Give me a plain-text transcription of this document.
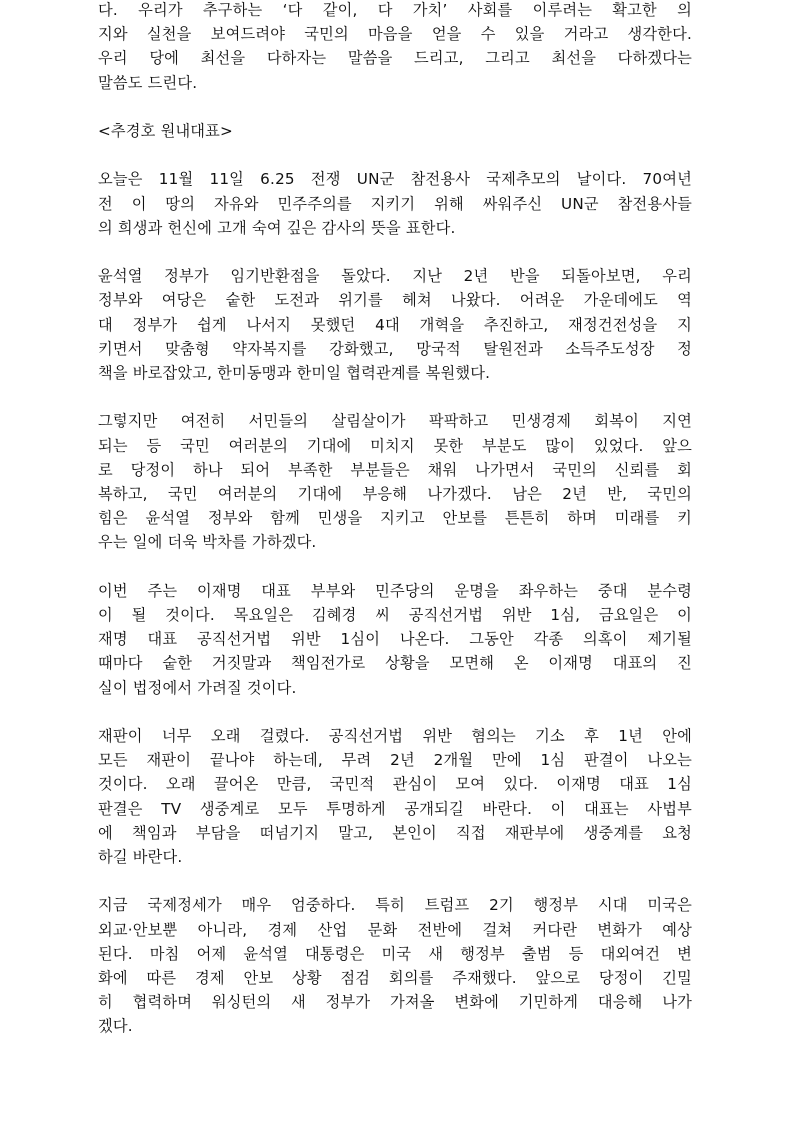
다. 우리가 추구하는 ‘다 같이, 다 가치’ 사회를 이루려는 확고한 의
지와 실천을 보여드려야 국민의 마음을 얻을 수 있을 거라고 생각한다.
우리 당에 최선을 다하자는 말씀을 드리고, 그리고 최선을 다하겠다는
말씀도 드린다.
<추경호 원내대표>
오늘은 11월 11일 6.25 전쟁 UN군 참전용사 국제추모의 날이다. 70여년
전 이 땅의 자유와 민주주의를 지키기 위해 싸워주신 UN군 참전용사들
의 희생과 헌신에 고개 숙여 깊은 감사의 뜻을 표한다.
윤석열 정부가 임기반환점을 돌았다. 지난 2년 반을 되돌아보면, 우리
정부와 여당은 숱한 도전과 위기를 헤쳐 나왔다. 어려운 가운데에도 역
대 정부가 쉽게 나서지 못했던 4대 개혁을 추진하고, 재정건전성을 지
키면서 맞춤형 약자복지를 강화했고, 망국적 탈원전과 소득주도성장 정
책을 바로잡았고, 한미동맹과 한미일 협력관계를 복원했다.
그렇지만 여전히 서민들의 살림살이가 팍팍하고 민생경제 회복이 지연
되는 등 국민 여러분의 기대에 미치지 못한 부분도 많이 있었다. 앞으
로 당정이 하나 되어 부족한 부분들은 채워 나가면서 국민의 신뢰를 회
복하고, 국민 여러분의 기대에 부응해 나가겠다. 남은 2년 반, 국민의
힘은 윤석열 정부와 함께 민생을 지키고 안보를 튼튼히 하며 미래를 키
우는 일에 더욱 박차를 가하겠다.
이번 주는 이재명 대표 부부와 민주당의 운명을 좌우하는 중대 분수령
이 될 것이다. 목요일은 김혜경 씨 공직선거법 위반 1심, 금요일은 이
재명 대표 공직선거법 위반 1심이 나온다. 그동안 각종 의혹이 제기될
때마다 숱한 거짓말과 책임전가로 상황을 모면해 온 이재명 대표의 진
실이 법정에서 가려질 것이다.
재판이 너무 오래 걸렸다. 공직선거법 위반 혐의는 기소 후 1년 안에
모든 재판이 끝나야 하는데, 무려 2년 2개월 만에 1심 판결이 나오는
것이다. 오래 끌어온 만큼, 국민적 관심이 모여 있다. 이재명 대표 1심
판결은 TV 생중계로 모두 투명하게 공개되길 바란다. 이 대표는 사법부
에 책임과 부담을 떠넘기지 말고, 본인이 직접 재판부에 생중계를 요청
하길 바란다.
지금 국제정세가 매우 엄중하다. 특히 트럼프 2기 행정부 시대 미국은
외교·안보뿐 아니라, 경제 산업 문화 전반에 걸쳐 커다란 변화가 예상
된다. 마침 어제 윤석열 대통령은 미국 새 행정부 출범 등 대외여건 변
화에 따른 경제 안보 상황 점검 회의를 주재했다. 앞으로 당정이 긴밀
히 협력하며 워싱턴의 새 정부가 가져올 변화에 기민하게 대응해 나가
겠다.
